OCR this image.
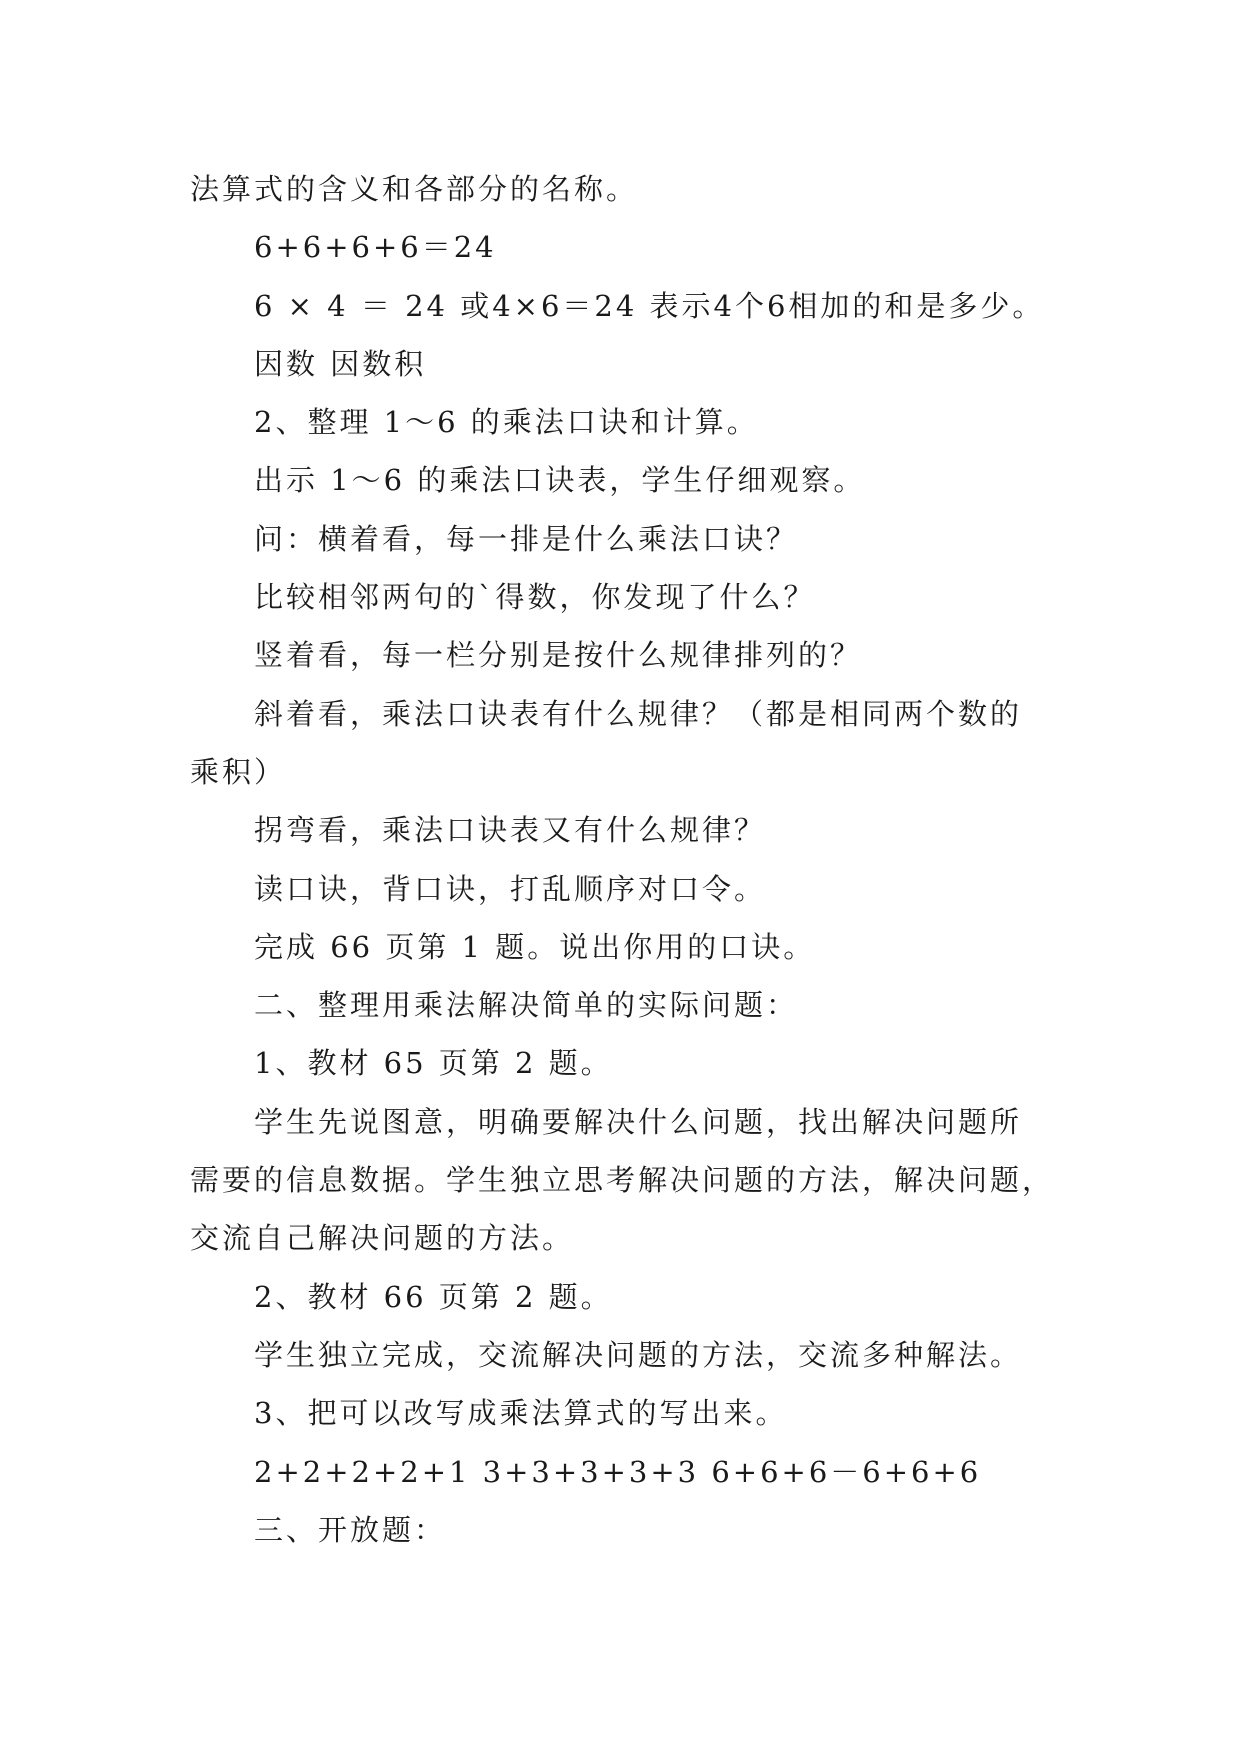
法算式的含义和各部分的名称。

6+6+6+6＝24

6 × 4 ＝ 24 或4×6＝24 表示4个6相加的和是多少。

因数 因数积

2、整理 1～6 的乘法口诀和计算。

出示 1～6 的乘法口诀表，学生仔细观察。

问：横着看，每一排是什么乘法口诀？

比较相邻两句的`得数，你发现了什么？

竖着看，每一栏分别是按什么规律排列的？

斜着看，乘法口诀表有什么规律？（都是相同两个数的

乘积）

拐弯看，乘法口诀表又有什么规律？

读口诀，背口诀，打乱顺序对口令。

完成 66 页第 1 题。说出你用的口诀。

二、整理用乘法解决简单的实际问题：

1、教材 65 页第 2 题。

学生先说图意，明确要解决什么问题，找出解决问题所

需要的信息数据。学生独立思考解决问题的方法，解决问题，

交流自己解决问题的方法。

2、教材 66 页第 2 题。

学生独立完成，交流解决问题的方法，交流多种解法。

3、把可以改写成乘法算式的写出来。

2+2+2+2+1 3+3+3+3+3 6+6+6－6+6+6

三、开放题：
